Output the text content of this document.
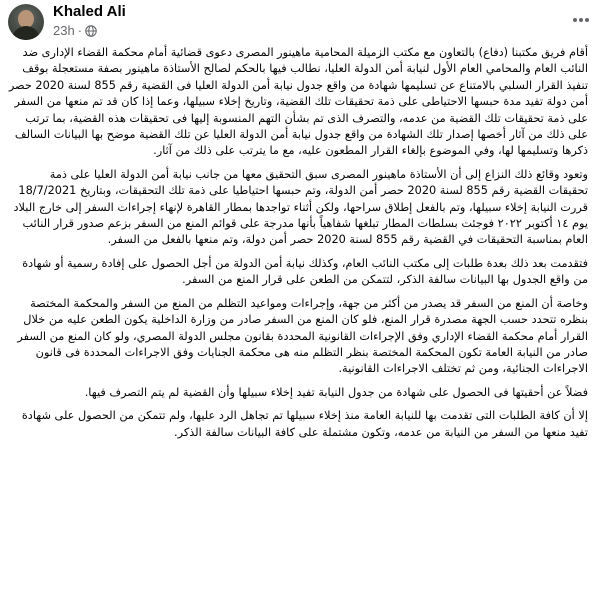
Khaled Ali
23h ·

أقام فريق مكتبنا (دفاع) بالتعاون مع مكتب الزميلة المحامية ماهينور المصرى دعوى قضائية أمام محكمة القضاء الإدارى ضد النائب العام والمحامي العام الأول لنيابة أمن الدولة العليا، نطالب فيها بالحكم لصالح الأستاذة ماهينور بصفة مستعجلة بوقف تنفيذ القرار السلبي بالامتناع عن تسليمها شهادة من واقع جدول نيابة أمن الدولة العليا فى القضية رقم 855 لسنة 2020 حصر أمن دولة تفيد مدة حبسها الاحتياطى على ذمة تحقيقات تلك القضية، وتاريخ إخلاء سبيلها، وعما إذا كان قد تم منعها من السفر على ذمة تحقيقات تلك القضية من عدمه، والتصرف الذى تم بشأن التهم المنسوبة إليها فى تحقيقات هذه القضية، بما ترتب على ذلك من آثار أخصها إصدار تلك الشهادة من واقع جدول نيابة أمن الدولة العليا عن تلك القضية موضح بها البيانات السالف ذكرها وتسليمها لها، وفي الموضوع بإلغاء القرار المطعون عليه، مع ما يترتب على ذلك من آثار.

وتعود وقائع ذلك النزاع إلى أن الأستاذة ماهينور المصرى سبق التحقيق معها من جانب نيابة أمن الدولة العليا على ذمة تحقيقات القضية رقم 855 لسنة 2020 حصر أمن الدولة، وتم حبسها احتياطيا على ذمة تلك التحقيقات، وبتاريخ 18/7/2021 قررت النيابة إخلاء سبيلها، وتم بالفعل إطلاق سراحها، ولكن أثناء تواجدها بمطار القاهرة لإنهاء إجراءات السفر إلى خارج البلاد يوم ١٤ أكتوبر ٢٠٢٢ فوجئت بسلطات المطار تبلغها شفاهياً بأنها مدرجة على قوائم المنع من السفر بزعم صدور قرار النائب العام بمناسبة التحقيقات في القضية رقم 855 لسنة 2020 حصر أمن دولة، وتم منعها بالفعل من السفر.

فتقدمت بعد ذلك بعدة طلبات إلى مكتب النائب العام، وكذلك نيابة أمن الدولة من أجل الحصول على إفادة رسمية أو شهادة من واقع الجدول بها البيانات سالفة الذكر، لتتمكن من الطعن على قرار المنع من السفر.

وخاصة أن المنع من السفر قد يصدر من أكثر من جهة، وإجراءات ومواعيد التظلم من المنع من السفر والمحكمة المختصة بنظره تتحدد حسب الجهة مصدرة قرار المنع، فلو كان المنع من السفر صادر من وزارة الداخلية يكون الطعن عليه من خلال القرار أمام محكمة القضاء الإداري وفق الإجراءات القانونية المحددة بقانون مجلس الدولة المصري، ولو كان المنع من السفر صادر من النيابة العامة تكون المحكمة المختصة بنظر التظلم منه هى محكمة الجنايات وفق الاجراءات المحددة فى قانون الاجراءات الجنائية، ومن ثم تختلف الاجراءات القانونية.

فضلاً عن أحقيتها فى الحصول على شهادة من جدول النيابة تفيد إخلاء سبيلها وأن القضية لم يتم التصرف فيها.

إلا أن كافة الطلبات التى تقدمت بها للنيابة العامة منذ إخلاء سبيلها تم تجاهل الرد عليها، ولم تتمكن من الحصول على شهادة تفيد منعها من السفر من النيابة من عدمه، وتكون مشتملة على كافة البيانات سالفة الذكر.
